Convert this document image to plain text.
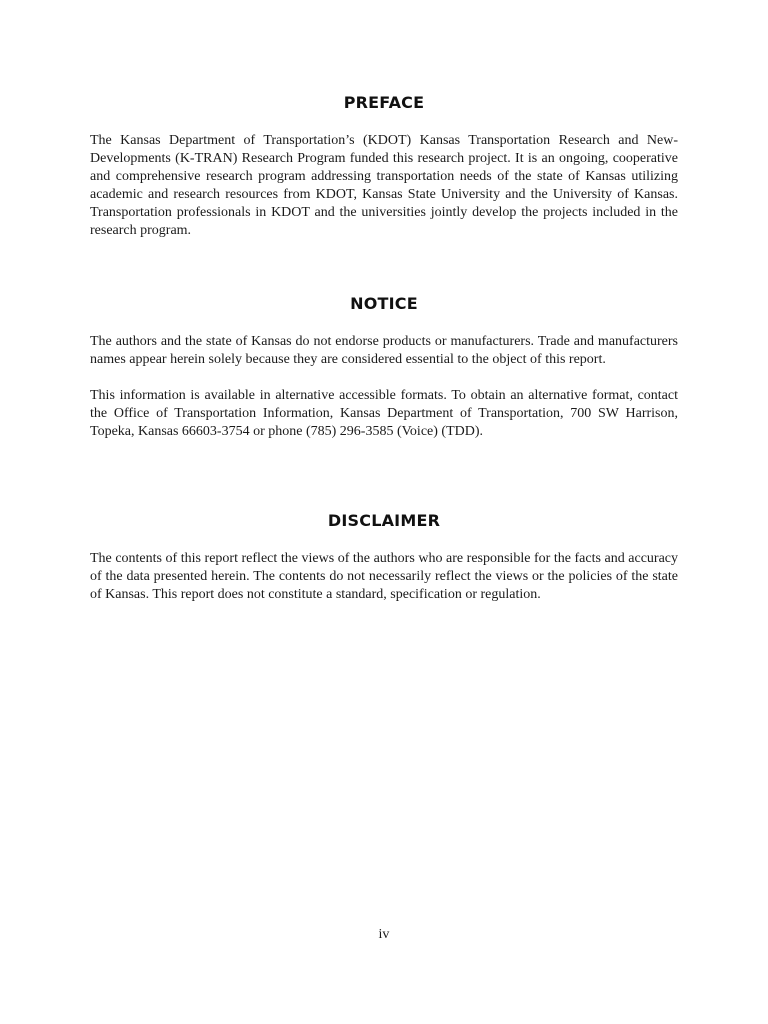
PREFACE

The Kansas Department of Transportation’s (KDOT) Kansas Transportation Research and New-Developments (K-TRAN) Research Program funded this research project. It is an ongoing, cooperative and comprehensive research program addressing transportation needs of the state of Kansas utilizing academic and research resources from KDOT, Kansas State University and the University of Kansas. Transportation professionals in KDOT and the universities jointly develop the projects included in the research program.

NOTICE

The authors and the state of Kansas do not endorse products or manufacturers. Trade and manufacturers names appear herein solely because they are considered essential to the object of this report.

This information is available in alternative accessible formats. To obtain an alternative format, contact the Office of Transportation Information, Kansas Department of Transportation, 700 SW Harrison, Topeka, Kansas 66603-3754 or phone (785) 296-3585 (Voice) (TDD).

DISCLAIMER

The contents of this report reflect the views of the authors who are responsible for the facts and accuracy of the data presented herein. The contents do not necessarily reflect the views or the policies of the state of Kansas. This report does not constitute a standard, specification or regulation.

iv
